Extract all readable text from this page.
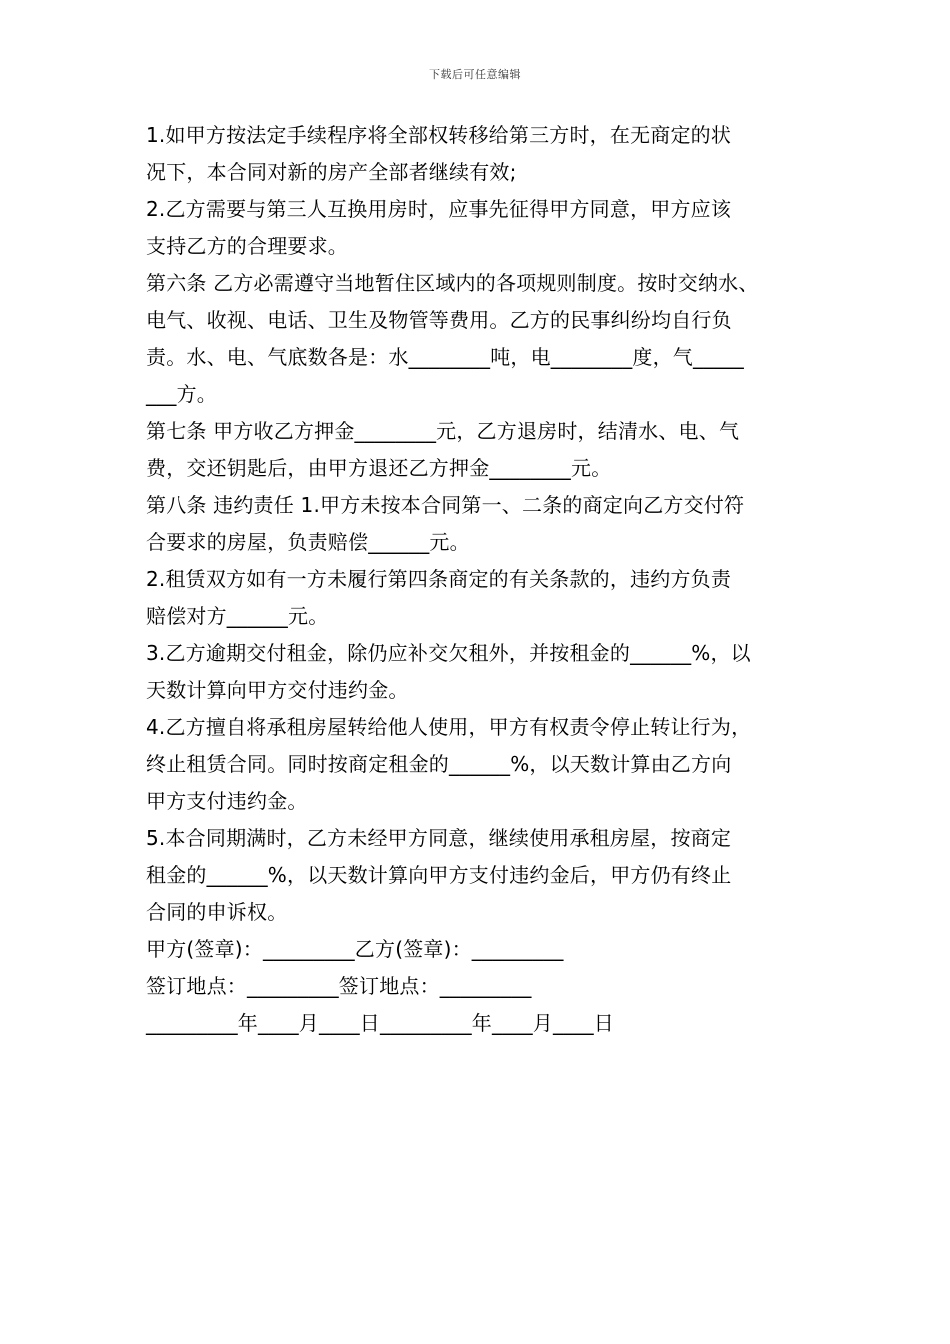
下载后可任意编辑
1.如甲方按法定手续程序将全部权转移给第三方时，在无商定的状
况下，本合同对新的房产全部者继续有效;
2.乙方需要与第三人互换用房时，应事先征得甲方同意，甲方应该
支持乙方的合理要求。
第六条 乙方必需遵守当地暂住区域内的各项规则制度。按时交纳水、
电气、收视、电话、卫生及物管等费用。乙方的民事纠纷均自行负
责。水、电、气底数各是：水________吨，电________度，气_____
___方。
第七条 甲方收乙方押金________元，乙方退房时，结清水、电、气
费，交还钥匙后，由甲方退还乙方押金________元。
第八条 违约责任 1.甲方未按本合同第一、二条的商定向乙方交付符
合要求的房屋，负责赔偿______元。
2.租赁双方如有一方未履行第四条商定的有关条款的，违约方负责
赔偿对方______元。
3.乙方逾期交付租金，除仍应补交欠租外，并按租金的______%，以
天数计算向甲方交付违约金。
4.乙方擅自将承租房屋转给他人使用，甲方有权责令停止转让行为，
终止租赁合同。同时按商定租金的______%，以天数计算由乙方向
甲方支付违约金。
5.本合同期满时，乙方未经甲方同意，继续使用承租房屋，按商定
租金的______%，以天数计算向甲方支付违约金后，甲方仍有终止
合同的申诉权。
甲方(签章)：_________乙方(签章)：_________
签订地点：_________签订地点：_________
_________年____月____日_________年____月____日
